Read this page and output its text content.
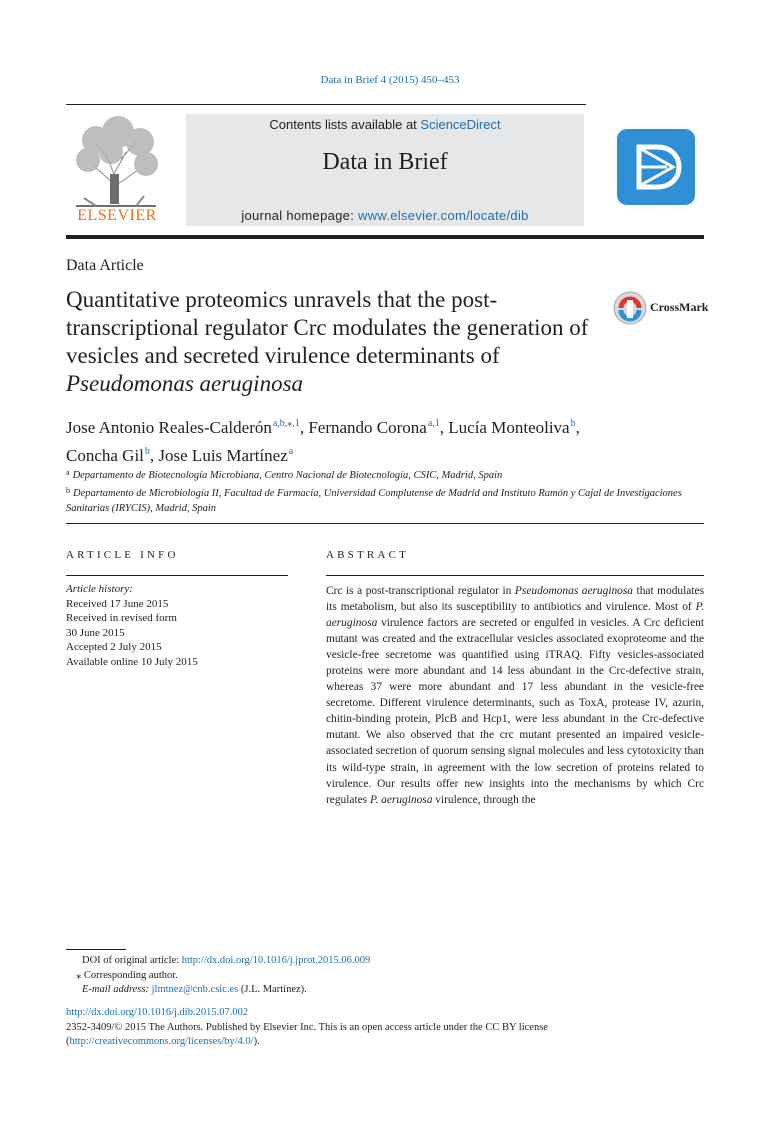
Data in Brief 4 (2015) 450–453
ELSEVIER
Contents lists available at ScienceDirect
Data in Brief
journal homepage: www.elsevier.com/locate/dib
Data Article
Quantitative proteomics unravels that the post-transcriptional regulator Crc modulates the generation of vesicles and secreted virulence determinants of Pseudomonas aeruginosa
CrossMark
Jose Antonio Reales-Calderón$^{a,b,⁎,1}$, Fernando Corona$^{a,1}$, Lucía Monteoliva$^b$,
Concha Gil$^b$, Jose Luis Martínez$^a$
$^a$ Departamento de Biotecnología Microbiana, Centro Nacional de Biotecnología, CSIC, Madrid, Spain
$^b$ Departamento de Microbiología II, Facultad de Farmacia, Universidad Complutense de Madrid and Instituto Ramón y Cajal de Investigaciones Sanitarias (IRYCIS), Madrid, Spain
ARTICLE INFO
Article history:
Received 17 June 2015
Received in revised form
30 June 2015
Accepted 2 July 2015
Available online 10 July 2015
ABSTRACT
Crc is a post-transcriptional regulator in Pseudomonas aeruginosa that modulates its metabolism, but also its susceptibility to antibiotics and virulence. Most of P. aeruginosa virulence factors are secreted or engulfed in vesicles. A Crc deficient mutant was created and the extracellular vesicles associated exoproteome and the vesicle-free secretome was quantified using iTRAQ. Fifty vesicles-associated proteins were more abundant and 14 less abundant in the Crc-defective strain, whereas 37 were more abundant and 17 less abundant in the vesicle-free secretome. Different virulence determinants, such as ToxA, protease IV, azurin, chitin-binding protein, PlcB and Hcp1, were less abundant in the Crc-defective mutant. We also observed that the crc mutant presented an impaired vesicle-associated secretion of quorum sensing signal molecules and less cytotoxicity than its wild-type strain, in agreement with the low secretion of proteins related to virulence. Our results offer new insights into the mechanisms by which Crc regulates P. aeruginosa virulence, through the
DOI of original article: http://dx.doi.org/10.1016/j.jprot.2015.06.009
⁎ Corresponding author.
E-mail address: jlmtnez@cnb.csic.es (J.L. Martínez).
http://dx.doi.org/10.1016/j.dib.2015.07.002
2352-3409/© 2015 The Authors. Published by Elsevier Inc. This is an open access article under the CC BY license
(http://creativecommons.org/licenses/by/4.0/).
